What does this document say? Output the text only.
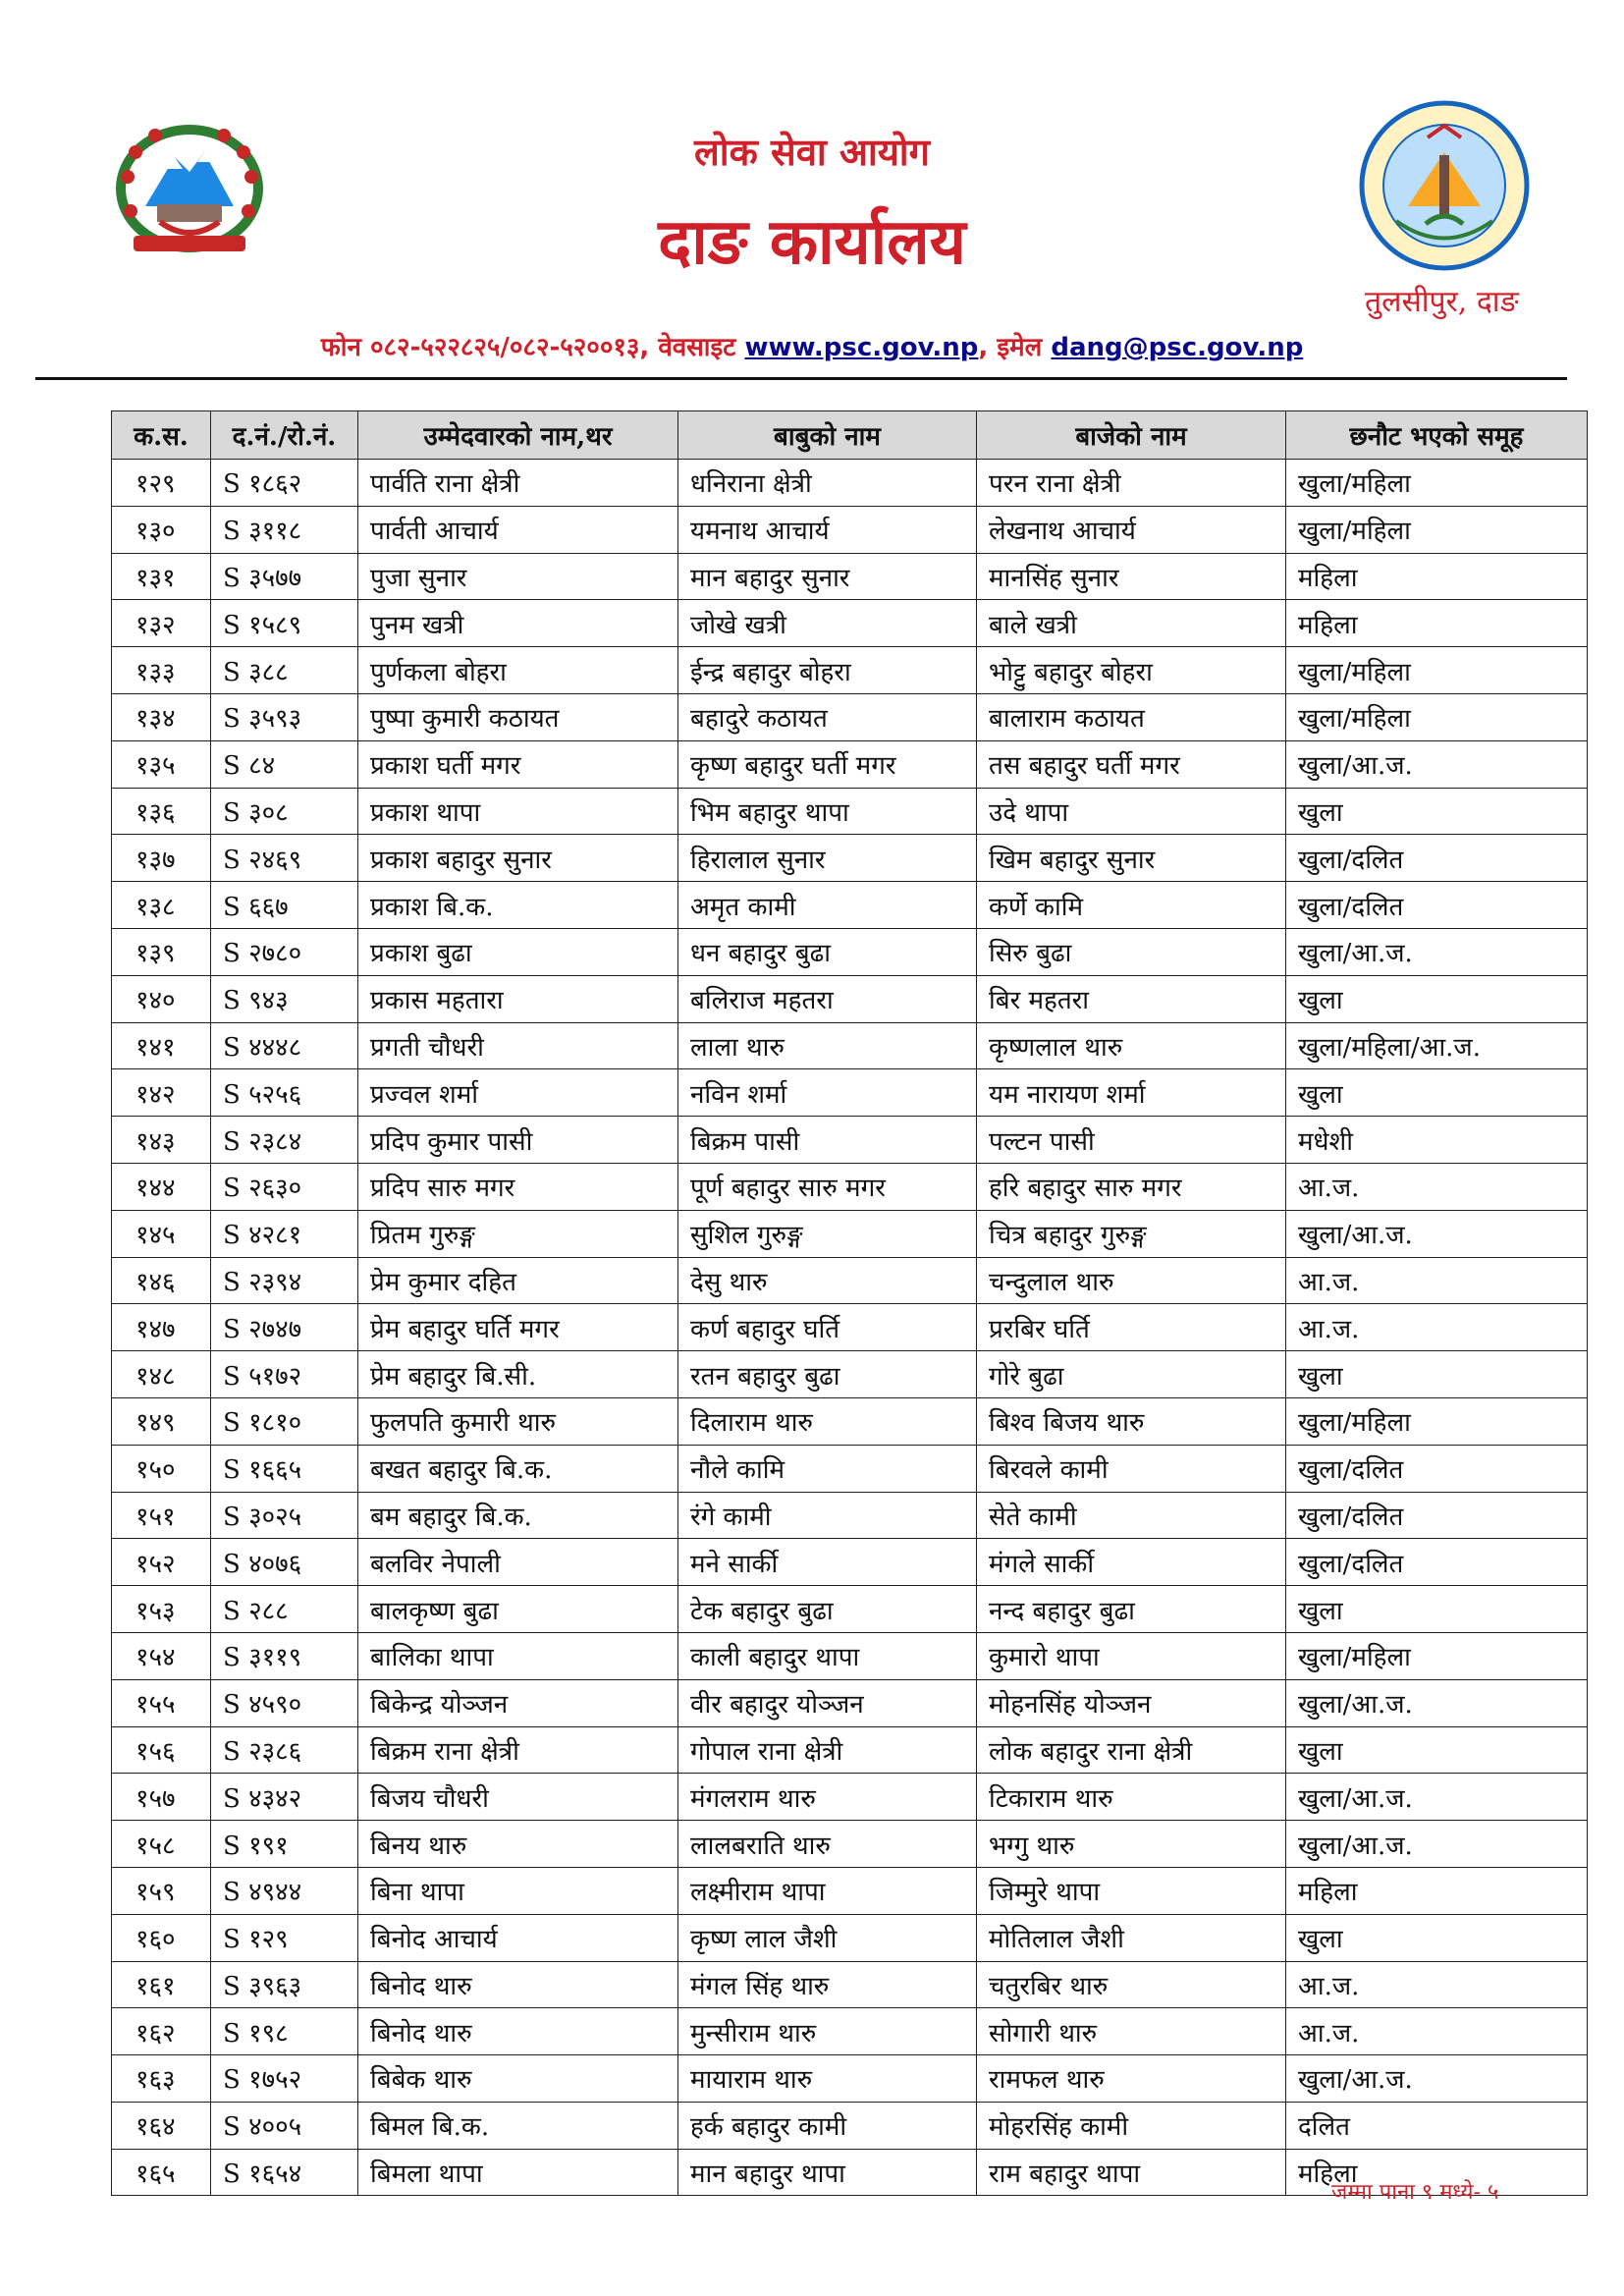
लोक सेवा आयोग
दाङ कार्यालय
तुलसीपुर, दाङ
फोन ०८२-५२२८२५/०८२-५२००१३, वेवसाइट www.psc.gov.np, इमेल dang@psc.gov.np
क.स.	द.नं./रो.नं.	उम्मेदवारको नाम,थर	बाबुको नाम	बाजेको नाम	छनौट भएको समूह
१२९	S १८६२	पार्वति राना क्षेत्री	धनिराना क्षेत्री	परन राना क्षेत्री	खुला/महिला
१३०	S ३११८	पार्वती आचार्य	यमनाथ आचार्य	लेखनाथ आचार्य	खुला/महिला
१३१	S ३५७७	पुजा सुनार	मान बहादुर सुनार	मानसिंह सुनार	महिला
१३२	S १५८९	पुनम खत्री	जोखे खत्री	बाले खत्री	महिला
१३३	S ३८८	पुर्णकला बोहरा	ईन्द्र बहादुर बोहरा	भोट्टु बहादुर बोहरा	खुला/महिला
१३४	S ३५९३	पुष्पा कुमारी कठायत	बहादुरे कठायत	बालाराम कठायत	खुला/महिला
१३५	S ८४	प्रकाश घर्ती मगर	कृष्ण बहादुर घर्ती मगर	तस बहादुर घर्ती मगर	खुला/आ.ज.
१३६	S ३०८	प्रकाश थापा	भिम बहादुर थापा	उदे थापा	खुला
१३७	S २४६९	प्रकाश बहादुर सुनार	हिरालाल सुनार	खिम बहादुर सुनार	खुला/दलित
१३८	S ६६७	प्रकाश बि.क.	अमृत कामी	कर्णे कामि	खुला/दलित
१३९	S २७८०	प्रकाश बुढा	धन बहादुर बुढा	सिरु बुढा	खुला/आ.ज.
१४०	S ९४३	प्रकास महतारा	बलिराज महतरा	बिर महतरा	खुला
१४१	S ४४४८	प्रगती चौधरी	लाला थारु	कृष्णलाल थारु	खुला/महिला/आ.ज.
१४२	S ५२५६	प्रज्वल शर्मा	नविन शर्मा	यम नारायण शर्मा	खुला
१४३	S २३८४	प्रदिप कुमार पासी	बिक्रम पासी	पल्टन पासी	मधेशी
१४४	S २६३०	प्रदिप सारु मगर	पूर्ण बहादुर सारु मगर	हरि बहादुर सारु मगर	आ.ज.
१४५	S ४२८१	प्रितम गुरुङ्ग	सुशिल गुरुङ्ग	चित्र बहादुर गुरुङ्ग	खुला/आ.ज.
१४६	S २३९४	प्रेम कुमार दहित	देसु थारु	चन्दुलाल थारु	आ.ज.
१४७	S २७४७	प्रेम बहादुर घर्ति मगर	कर्ण बहादुर घर्ति	प्ररबिर घर्ति	आ.ज.
१४८	S ५१७२	प्रेम बहादुर बि.सी.	रतन बहादुर बुढा	गोरे बुढा	खुला
१४९	S १८१०	फुलपति कुमारी थारु	दिलाराम थारु	बिश्व बिजय थारु	खुला/महिला
१५०	S १६६५	बखत बहादुर बि.क.	नौले कामि	बिरवले कामी	खुला/दलित
१५१	S ३०२५	बम बहादुर बि.क.	रंगे कामी	सेते कामी	खुला/दलित
१५२	S ४०७६	बलविर नेपाली	मने सार्की	मंगले सार्की	खुला/दलित
१५३	S २८८	बालकृष्ण बुढा	टेक बहादुर बुढा	नन्द बहादुर बुढा	खुला
१५४	S ३११९	बालिका थापा	काली बहादुर थापा	कुमारो थापा	खुला/महिला
१५५	S ४५९०	बिकेन्द्र योञ्जन	वीर बहादुर योञ्जन	मोहनसिंह योञ्जन	खुला/आ.ज.
१५६	S २३८६	बिक्रम राना क्षेत्री	गोपाल राना क्षेत्री	लोक बहादुर राना क्षेत्री	खुला
१५७	S ४३४२	बिजय चौधरी	मंगलराम थारु	टिकाराम थारु	खुला/आ.ज.
१५८	S १९१	बिनय थारु	लालबराति थारु	भग्गु थारु	खुला/आ.ज.
१५९	S ४९४४	बिना थापा	लक्ष्मीराम थापा	जिम्मुरे थापा	महिला
१६०	S १२९	बिनोद आचार्य	कृष्ण लाल जैशी	मोतिलाल जैशी	खुला
१६१	S ३९६३	बिनोद थारु	मंगल सिंह थारु	चतुरबिर थारु	आ.ज.
१६२	S १९८	बिनोद थारु	मुन्सीराम थारु	सोगारी थारु	आ.ज.
१६३	S १७५२	बिबेक थारु	मायाराम थारु	रामफल थारु	खुला/आ.ज.
१६४	S ४००५	बिमल बि.क.	हर्क बहादुर कामी	मोहरसिंह कामी	दलित
१६५	S १६५४	बिमला थापा	मान बहादुर थापा	राम बहादुर थापा	महिला
जम्मा पाना ९ मध्ये- ५
